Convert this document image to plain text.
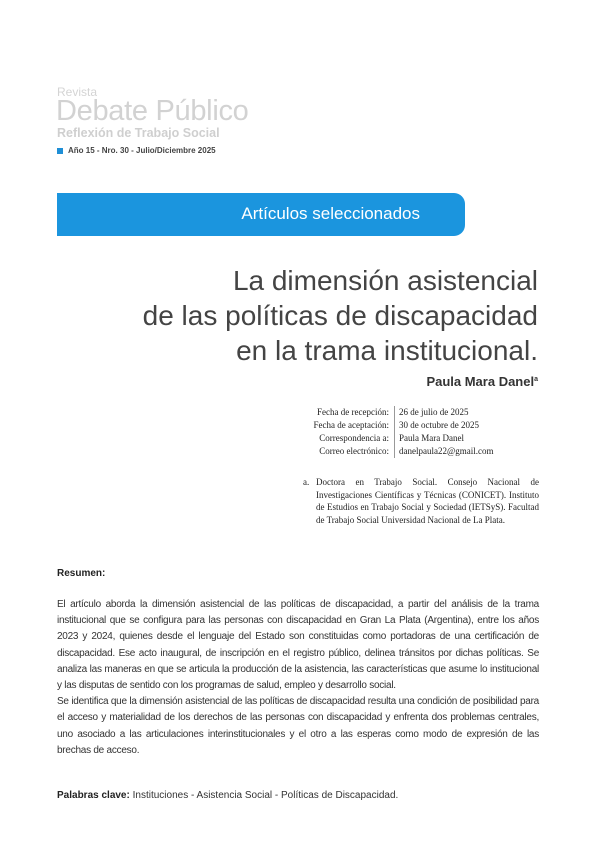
Revista
Debate Público
Reflexión de Trabajo Social
Año 15 - Nro. 30 - Julio/Diciembre 2025
Artículos seleccionados
La dimensión asistencial
de las políticas de discapacidad
en la trama institucional.
Paula Mara Danel$^a$
Fecha de recepción:
Fecha de aceptación:
Correspondencia a:
Correo electrónico:
26 de julio de 2025
30 de octubre de 2025
Paula Mara Danel
danelpaula22@gmail.com
a. Doctora en Trabajo Social. Consejo Nacional de Investigaciones Científicas y Técnicas (CONICET). Instituto de Estudios en Trabajo Social y Sociedad (IETSyS). Facultad de Trabajo Social Universidad Nacional de La Plata.
Resumen:

El artículo aborda la dimensión asistencial de las políticas de discapacidad, a partir del análisis de la trama institucional que se configura para las personas con discapacidad en Gran La Plata (Argentina), entre los años 2023 y 2024, quienes desde el lenguaje del Estado son constituidas como portadoras de una certificación de discapacidad. Ese acto inaugural, de inscripción en el registro público, delinea tránsitos por dichas políticas. Se analiza las maneras en que se articula la producción de la asistencia, las características que asume lo institucional y las disputas de sentido con los programas de salud, empleo y desarrollo social.

Se identifica que la dimensión asistencial de las políticas de discapacidad resulta una condición de posibilidad para el acceso y materialidad de los derechos de las personas con discapacidad y enfrenta dos problemas centrales, uno asociado a las articulaciones interinstitucionales y el otro a las esperas como modo de expresión de las brechas de acceso.

Palabras clave: Instituciones - Asistencia Social - Políticas de Discapacidad.
